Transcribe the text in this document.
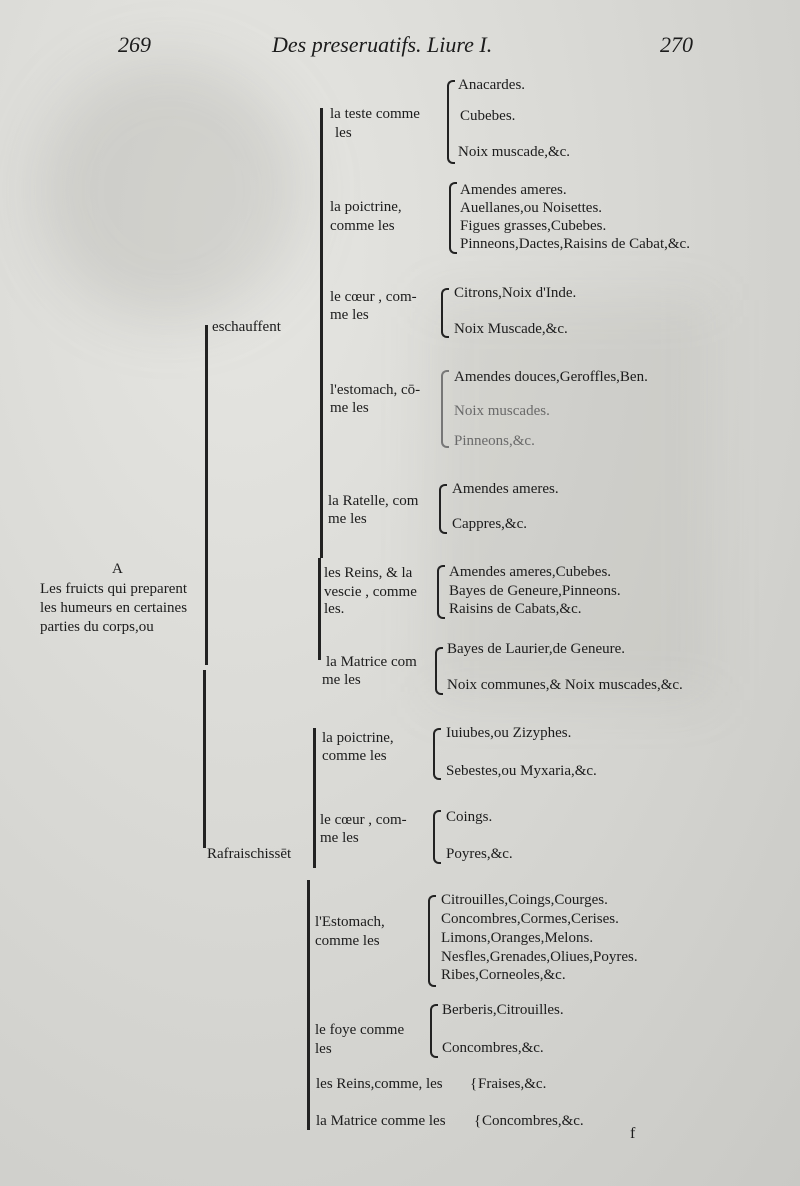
269	Des preseruatifs. Liure I.	270
A
Les fruicts qui preparent
les humeurs en certaines
parties du corps,ou
eschauffent
la teste comme
les
Anacardes.
Cubebes.
Noix muscade,&c.
la poictrine,
comme les
Amendes ameres.
Auellanes,ou Noisettes.
Figues grasses,Cubebes.
Pinneons,Dactes,Raisins de Cabat,&c.
le cœur , com-
me les
Citrons,Noix d'Inde.
Noix Muscade,&c.
l'estomach, cō-
me les
Amendes douces,Geroffles,Ben.
Noix muscades.
Pinneons,&c.
la Ratelle, com
me les
Amendes ameres.
Cappres,&c.
les Reins, & la
vescie , comme
les.
Amendes ameres,Cubebes.
Bayes de Geneure,Pinneons.
Raisins de Cabats,&c.
la Matrice com
me les
Bayes de Laurier,de Geneure.
Noix communes,& Noix muscades,&c.
Rafraischissēt
la poictrine,
comme les
Iuiubes,ou Zizyphes.
Sebestes,ou Myxaria,&c.
le cœur , com-
me les
Coings.
Poyres,&c.
l'Estomach,
comme les
Citrouilles,Coings,Courges.
Concombres,Cormes,Cerises.
Limons,Oranges,Melons.
Nesfles,Grenades,Oliues,Poyres.
Ribes,Corneoles,&c.
le foye comme
les
Berberis,Citrouilles.
Concombres,&c.
les Reins,comme, les { Fraises,&c.
la Matrice comme les { Concombres,&c.
f
